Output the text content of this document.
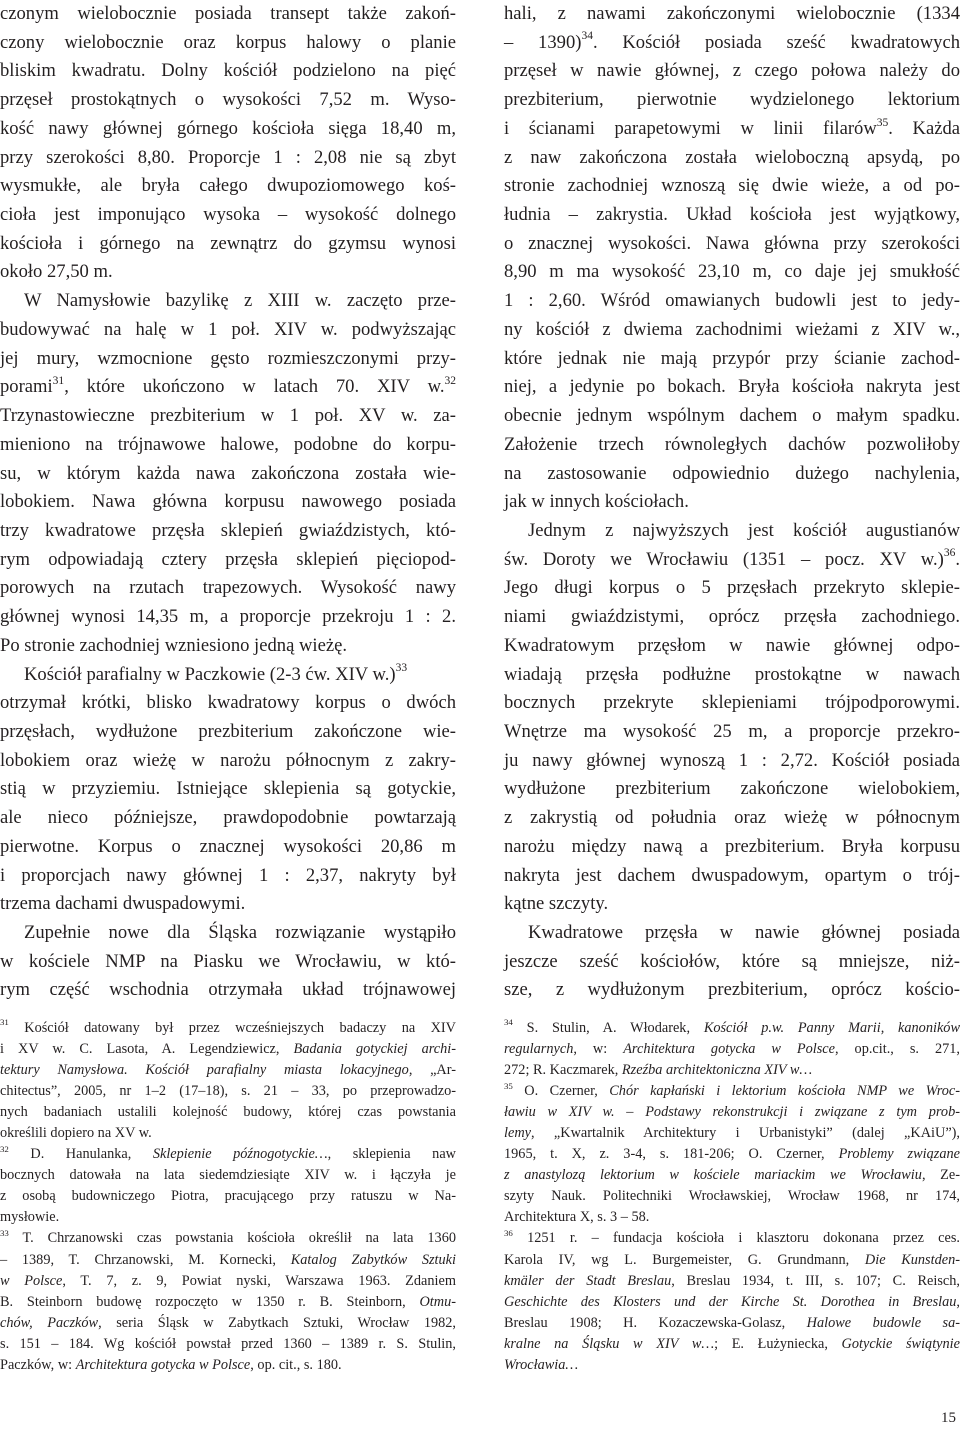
czonym wielobocznie posiada transept także zakoń-
czony wielobocznie oraz korpus halowy o planie
bliskim kwadratu. Dolny kościół podzielono na pięć
przęseł prostokątnych o wysokości 7,52 m. Wyso-
kość nawy głównej górnego kościoła sięga 18,40 m,
przy szerokości 8,80. Proporcje 1 : 2,08 nie są zbyt
wysmukłe, ale bryła całego dwupoziomowego koś-
cioła jest imponująco wysoka – wysokość dolnego
kościoła i górnego na zewnątrz do gzymsu wynosi
około 27,50 m.
W Namysłowie bazylikę z XIII w. zaczęto prze-
budowywać na halę w 1 poł. XIV w. podwyższając
jej mury, wzmocnione gęsto rozmieszczonymi przy-
porami$^{31}$, które ukończono w latach 70. XIV w.$^{32}$
Trzynastowieczne prezbiterium w 1 poł. XV w. za-
mieniono na trójnawowe halowe, podobne do korpu-
su, w którym każda nawa zakończona została wie-
lobokiem. Nawa główna korpusu nawowego posiada
trzy kwadratowe przęsła sklepień gwiaździstych, któ-
rym odpowiadają cztery przęsła sklepień pięciopod-
porowych na rzutach trapezowych. Wysokość nawy
głównej wynosi 14,35 m, a proporcje przekroju 1 : 2.
Po stronie zachodniej wzniesiono jedną wieżę.
Kościół parafialny w Paczkowie (2-3 ćw. XIV w.)$^{33}$
otrzymał krótki, blisko kwadratowy korpus o dwóch
przęsłach, wydłużone prezbiterium zakończone wie-
lobokiem oraz wieżę w narożu północnym z zakry-
stią w przyziemiu. Istniejące sklepienia są gotyckie,
ale nieco późniejsze, prawdopodobnie powtarzają
pierwotne. Korpus o znacznej wysokości 20,86 m
i proporcjach nawy głównej 1 : 2,37, nakryty był
trzema dachami dwuspadowymi.
Zupełnie nowe dla Śląska rozwiązanie wystąpiło
w kościele NMP na Piasku we Wrocławiu, w któ-
rym część wschodnia otrzymała układ trójnawowej
hali, z nawami zakończonymi wielobocznie (1334
– 1390)$^{34}$. Kościół posiada sześć kwadratowych
przęseł w nawie głównej, z czego połowa należy do
prezbiterium, pierwotnie wydzielonego lektorium
i ścianami parapetowymi w linii filarów$^{35}$. Każda
z naw zakończona została wieloboczną apsydą, po
stronie zachodniej wznoszą się dwie wieże, a od po-
łudnia – zakrystia. Układ kościoła jest wyjątkowy,
o znacznej wysokości. Nawa główna przy szerokości
8,90 m ma wysokość 23,10 m, co daje jej smukłość
1 : 2,60. Wśród omawianych budowli jest to jedy-
ny kościół z dwiema zachodnimi wieżami z XIV w.,
które jednak nie mają przypór przy ścianie zachod-
niej, a jedynie po bokach. Bryła kościoła nakryta jest
obecnie jednym wspólnym dachem o małym spadku.
Założenie trzech równoległych dachów pozwoliłoby
na zastosowanie odpowiednio dużego nachylenia,
jak w innych kościołach.
Jednym z najwyższych jest kościół augustianów
św. Doroty we Wrocławiu (1351 – pocz. XV w.)$^{36}$.
Jego długi korpus o 5 przęsłach przekryto sklepie-
niami gwiaździstymi, oprócz przęsła zachodniego.
Kwadratowym przęsłom w nawie głównej odpo-
wiadają przęsła podłużne prostokątne w nawach
bocznych przekryte sklepieniami trójpodporowymi.
Wnętrze ma wysokość 25 m, a proporcje przekro-
ju nawy głównej wynoszą 1 : 2,72. Kościół posiada
wydłużone prezbiterium zakończone wielobokiem,
z zakrystią od południa oraz wieżę w północnym
narożu między nawą a prezbiterium. Bryła korpusu
nakryta jest dachem dwuspadowym, opartym o trój-
kątne szczyty.
Kwadratowe przęsła w nawie głównej posiada
jeszcze sześć kościołów, które są mniejsze, niż-
sze, z wydłużonym prezbiterium, oprócz kościo-
$^{31}$ Kościół datowany był przez wcześniejszych badaczy na XIV
i XV w. C. Lasota, A. Legendziewicz, Badania gotyckiej archi-
tektury Namysłowa. Kościół parafialny miasta lokacyjnego, „Ar-
chitectus”, 2005, nr 1–2 (17–18), s. 21 – 33, po przeprowadzo-
nych badaniach ustalili kolejność budowy, której czas powstania
określili dopiero na XV w.
$^{32}$ D. Hanulanka, Sklepienie późnogotyckie…, sklepienia naw
bocznych datowała na lata siedemdziesiąte XIV w. i łączyła je
z osobą budowniczego Piotra, pracującego przy ratuszu w Na-
mysłowie.
$^{33}$ T. Chrzanowski czas powstania kościoła określił na lata 1360
– 1389, T. Chrzanowski, M. Kornecki, Katalog Zabytków Sztuki
w Polsce, T. 7, z. 9, Powiat nyski, Warszawa 1963. Zdaniem
B. Steinborn budowę rozpoczęto w 1350 r. B. Steinborn, Otmu-
chów, Paczków, seria Śląsk w Zabytkach Sztuki, Wrocław 1982,
s. 151 – 184. Wg kościół powstał przed 1360 – 1389 r. S. Stulin,
Paczków, w: Architektura gotycka w Polsce, op. cit., s. 180.
$^{34}$ S. Stulin, A. Włodarek, Kościół p.w. Panny Marii, kanoników
regularnych, w: Architektura gotycka w Polsce, op.cit., s. 271,
272; R. Kaczmarek, Rzeźba architektoniczna XIV w…
$^{35}$ O. Czerner, Chór kapłański i lektorium kościoła NMP we Wroc-
ławiu w XIV w. – Podstawy rekonstrukcji i związane z tym prob-
lemy, „Kwartalnik Architektury i Urbanistyki” (dalej „KAiU”),
1965, t. X, z. 3-4, s. 181-206; O. Czerner, Problemy związane
z anastylozą lektorium w kościele mariackim we Wrocławiu, Ze-
szyty Nauk. Politechniki Wrocławskiej, Wrocław 1968, nr 174,
Architektura X, s. 3 – 58.
$^{36}$ 1251 r. – fundacja kościoła i klasztoru dokonana przez ces.
Karola IV, wg L. Burgemeister, G. Grundmann, Die Kunstden-
kmäler der Stadt Breslau, Breslau 1934, t. III, s. 107; C. Reisch,
Geschichte des Klosters und der Kirche St. Dorothea in Breslau,
Breslau 1908; H. Kozaczewska-Golasz, Halowe budowle sa-
kralne na Śląsku w XIV w…; E. Łużyniecka, Gotyckie świątynie
Wrocławia…
15
